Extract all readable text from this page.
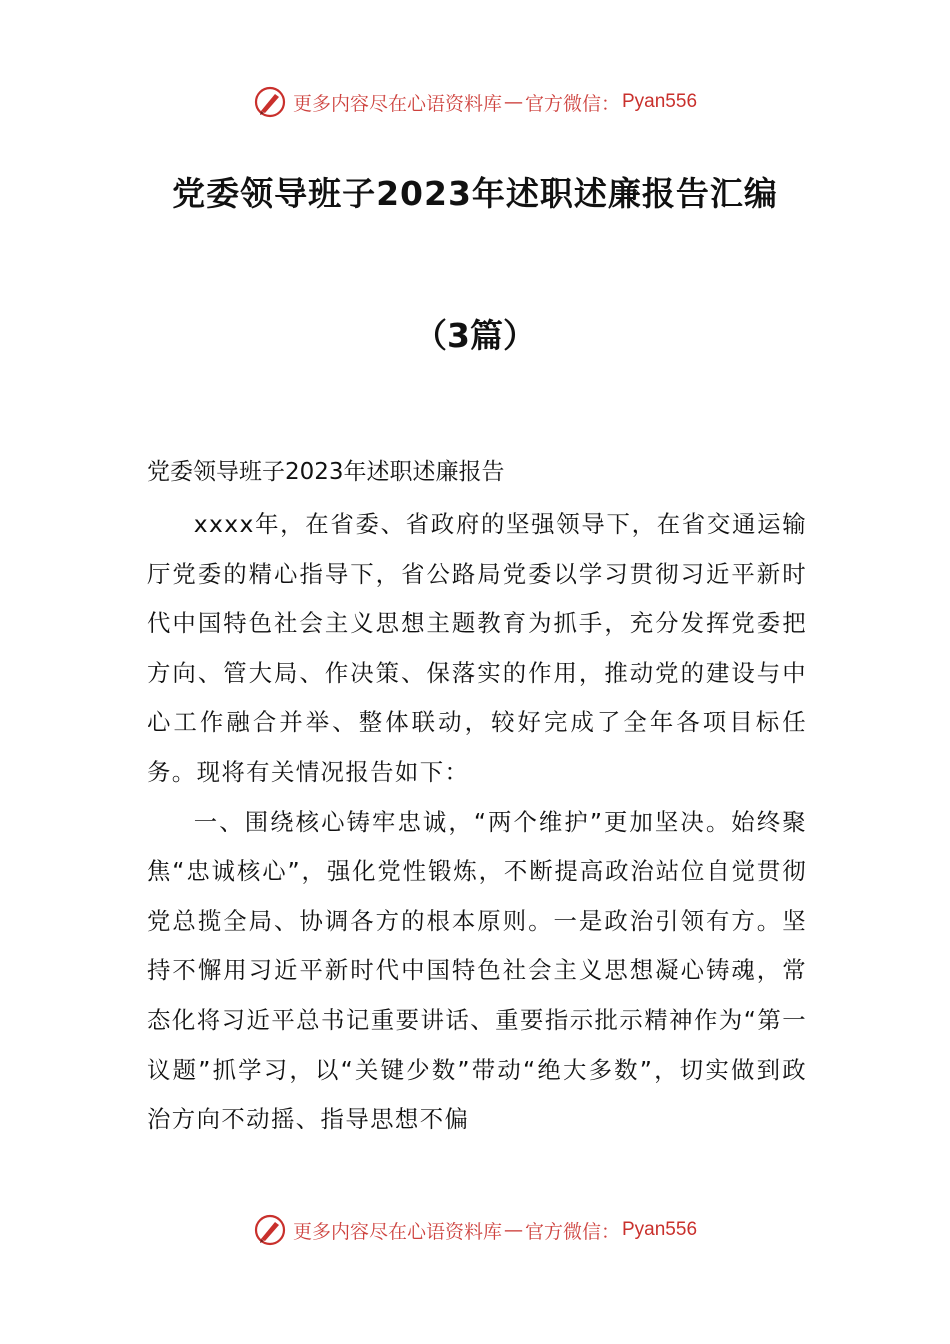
更多内容尽在心语资料库 — 官方微信： Pyan556
党委领导班子2023年述职述廉报告汇编
（3篇）
党委领导班子2023年述职述廉报告

xxxx年，在省委、省政府的坚强领导下，在省交通运输厅党委的精心指导下，省公路局党委以学习贯彻习近平新时代中国特色社会主义思想主题教育为抓手，充分发挥党委把方向、管大局、作决策、保落实的作用，推动党的建设与中心工作融合并举、整体联动，较好完成了全年各项目标任务。现将有关情况报告如下：

一、围绕核心铸牢忠诚，“两个维护”更加坚决。始终聚焦“忠诚核心”，强化党性锻炼，不断提高政治站位自觉贯彻党总揽全局、协调各方的根本原则。一是政治引领有方。坚持不懈用习近平新时代中国特色社会主义思想凝心铸魂，常态化将习近平总书记重要讲话、重要指示批示精神作为“第一议题”抓学习，以“关键少数”带动“绝大多数”，切实做到政治方向不动摇、指导思想不偏

更多内容尽在心语资料库 — 官方微信： Pyan556
